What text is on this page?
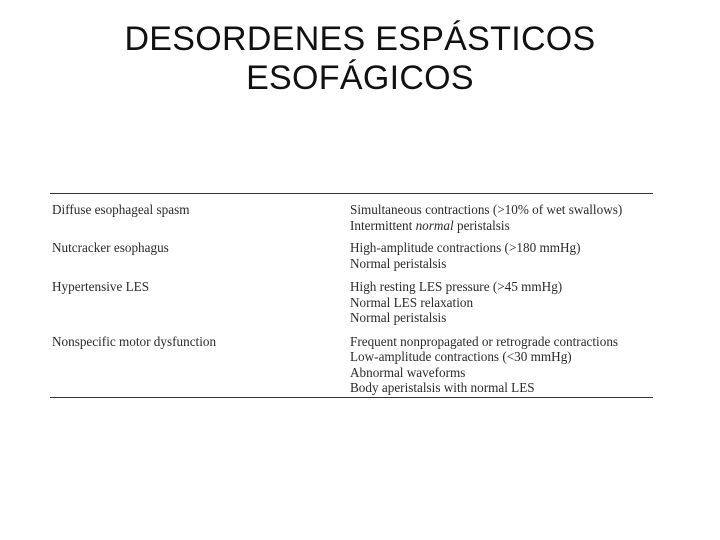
DESORDENES ESPÁSTICOS
ESOFÁGICOS
Diffuse esophageal spasm	Simultaneous contractions (>10% of wet swallows)
Intermittent normal peristalsis
Nutcracker esophagus	High-amplitude contractions (>180 mmHg)
Normal peristalsis
Hypertensive LES	High resting LES pressure (>45 mmHg)
Normal LES relaxation
Normal peristalsis
Nonspecific motor dysfunction	Frequent nonpropagated or retrograde contractions
Low-amplitude contractions (<30 mmHg)
Abnormal waveforms
Body aperistalsis with normal LES
